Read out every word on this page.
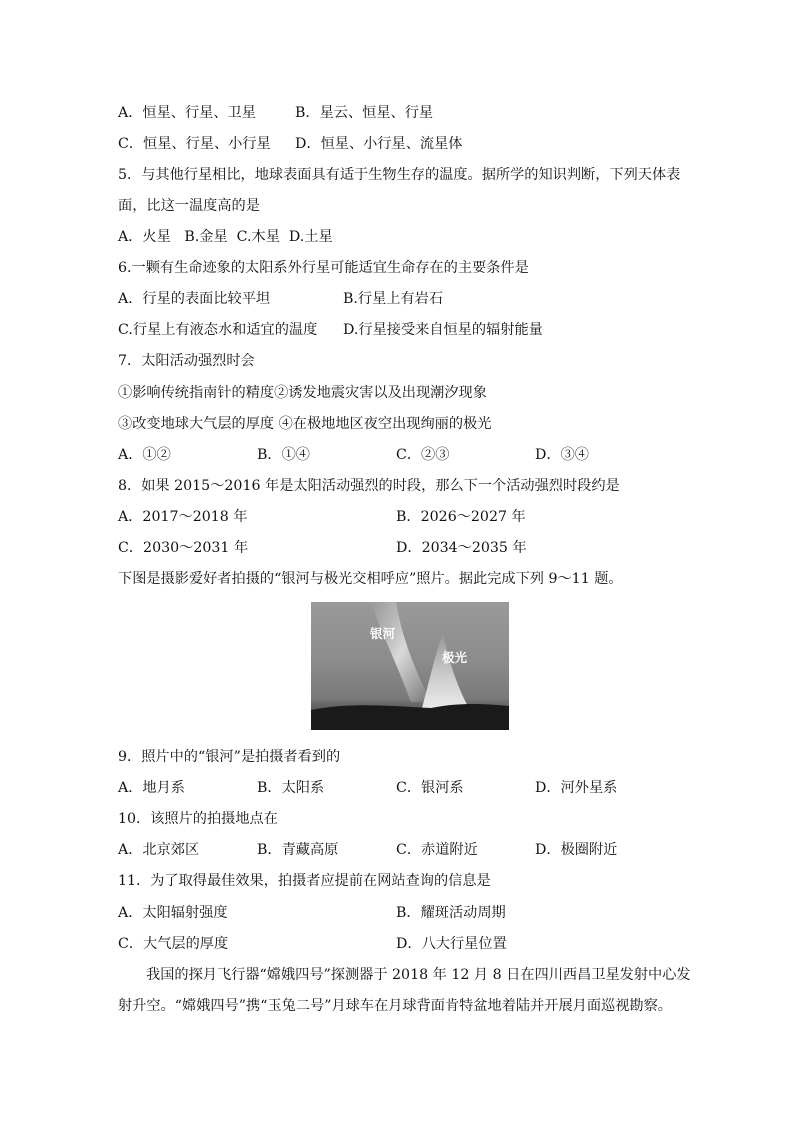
A．恒星、行星、卫星	B．星云、恒星、行星
C．恒星、行星、小行星 D．恒星、小行星、流星体
5．与其他行星相比，地球表面具有适于生物生存的温度。据所学的知识判断，下列天体表
面，比这一温度高的是
A．火星   B.金星  C.木星  D.土星
6.一颗有生命迹象的太阳系外行星可能适宜生命存在的主要条件是
A．行星的表面比较平坦	B.行星上有岩石
C.行星上有液态水和适宜的温度 D.行星接受来自恒星的辐射能量
7．太阳活动强烈时会
①影响传统指南针的精度②诱发地震灾害以及出现潮汐现象
③改变地球大气层的厚度 ④在极地地区夜空出现绚丽的极光
A．①②	B．①④	C．②③	D．③④
8．如果 2015～2016 年是太阳活动强烈的时段，那么下一个活动强烈时段约是
A．2017～2018 年	B．2026～2027 年
C．2030～2031 年	D．2034～2035 年
下图是摄影爱好者拍摄的“银河与极光交相呼应”照片。据此完成下列 9～11 题。
银河
极光
9．照片中的“银河”是拍摄者看到的
A．地月系	B．太阳系	C．银河系	D．河外星系
10．该照片的拍摄地点在
A．北京郊区	B．青藏高原	C．赤道附近	D．极圈附近
11．为了取得最佳效果，拍摄者应提前在网站查询的信息是
A．太阳辐射强度	B．耀斑活动周期
C．大气层的厚度	D．八大行星位置
我国的探月飞行器“嫦娥四号”探测器于 2018 年 12 月 8 日在四川西昌卫星发射中心发
射升空。“嫦娥四号”携“玉兔二号”月球车在月球背面肯特盆地着陆并开展月面巡视勘察。
